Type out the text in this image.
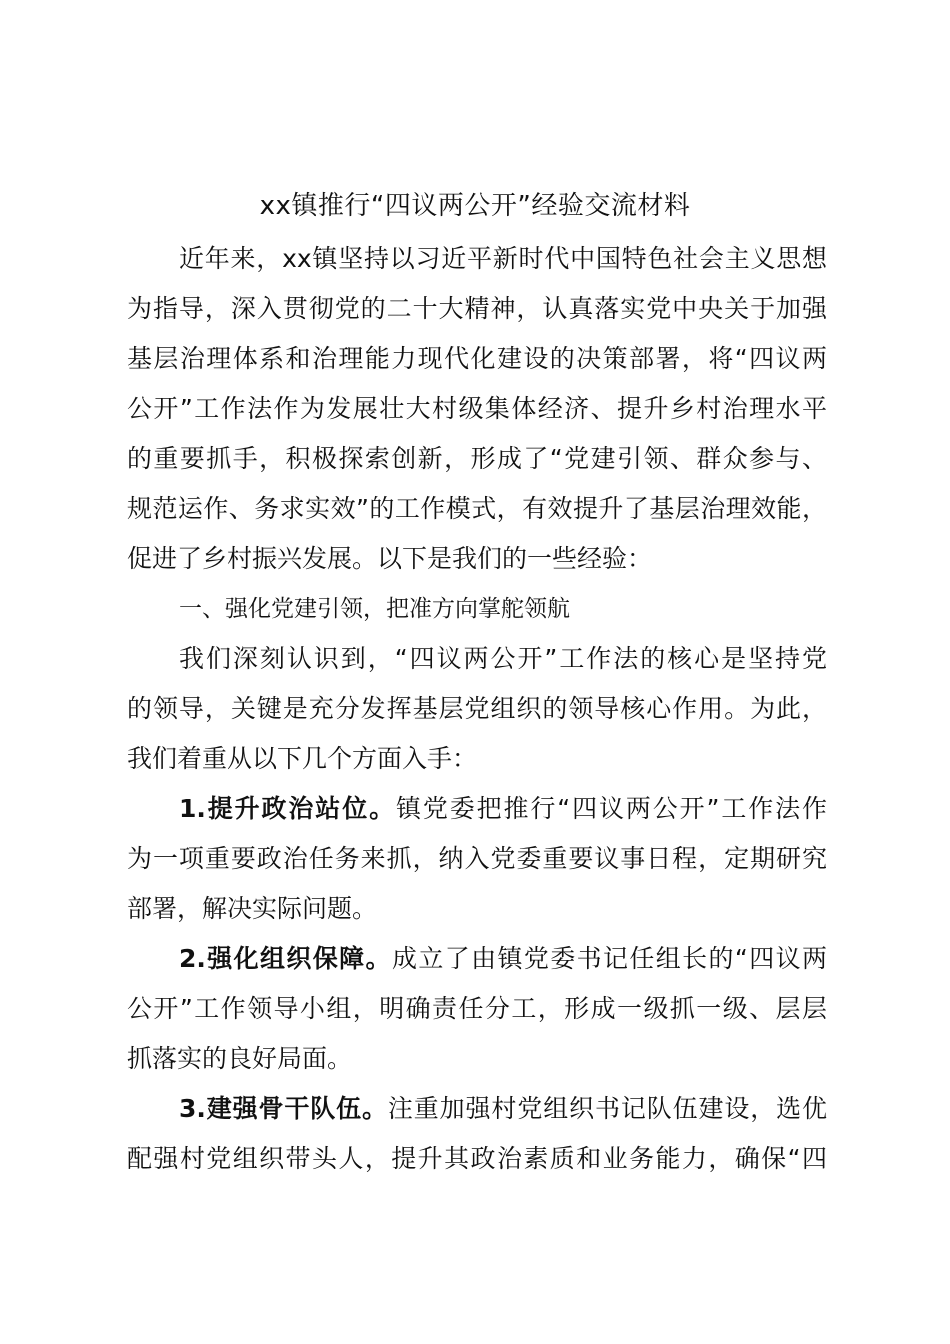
xx镇推行“四议两公开”经验交流材料
近年来，xx镇坚持以习近平新时代中国特色社会主义思想
为指导，深入贯彻党的二十大精神，认真落实党中央关于加强
基层治理体系和治理能力现代化建设的决策部署，将“四议两
公开”工作法作为发展壮大村级集体经济、提升乡村治理水平
的重要抓手，积极探索创新，形成了“党建引领、群众参与、
规范运作、务求实效”的工作模式，有效提升了基层治理效能，
促进了乡村振兴发展。以下是我们的一些经验：
一、强化党建引领，把准方向掌舵领航
我们深刻认识到，“四议两公开”工作法的核心是坚持党
的领导，关键是充分发挥基层党组织的领导核心作用。为此，
我们着重从以下几个方面入手：
1.提升政治站位。镇党委把推行“四议两公开”工作法作
为一项重要政治任务来抓，纳入党委重要议事日程，定期研究
部署，解决实际问题。
2.强化组织保障。成立了由镇党委书记任组长的“四议两
公开”工作领导小组，明确责任分工，形成一级抓一级、层层
抓落实的良好局面。
3.建强骨干队伍。注重加强村党组织书记队伍建设，选优
配强村党组织带头人，提升其政治素质和业务能力，确保“四
